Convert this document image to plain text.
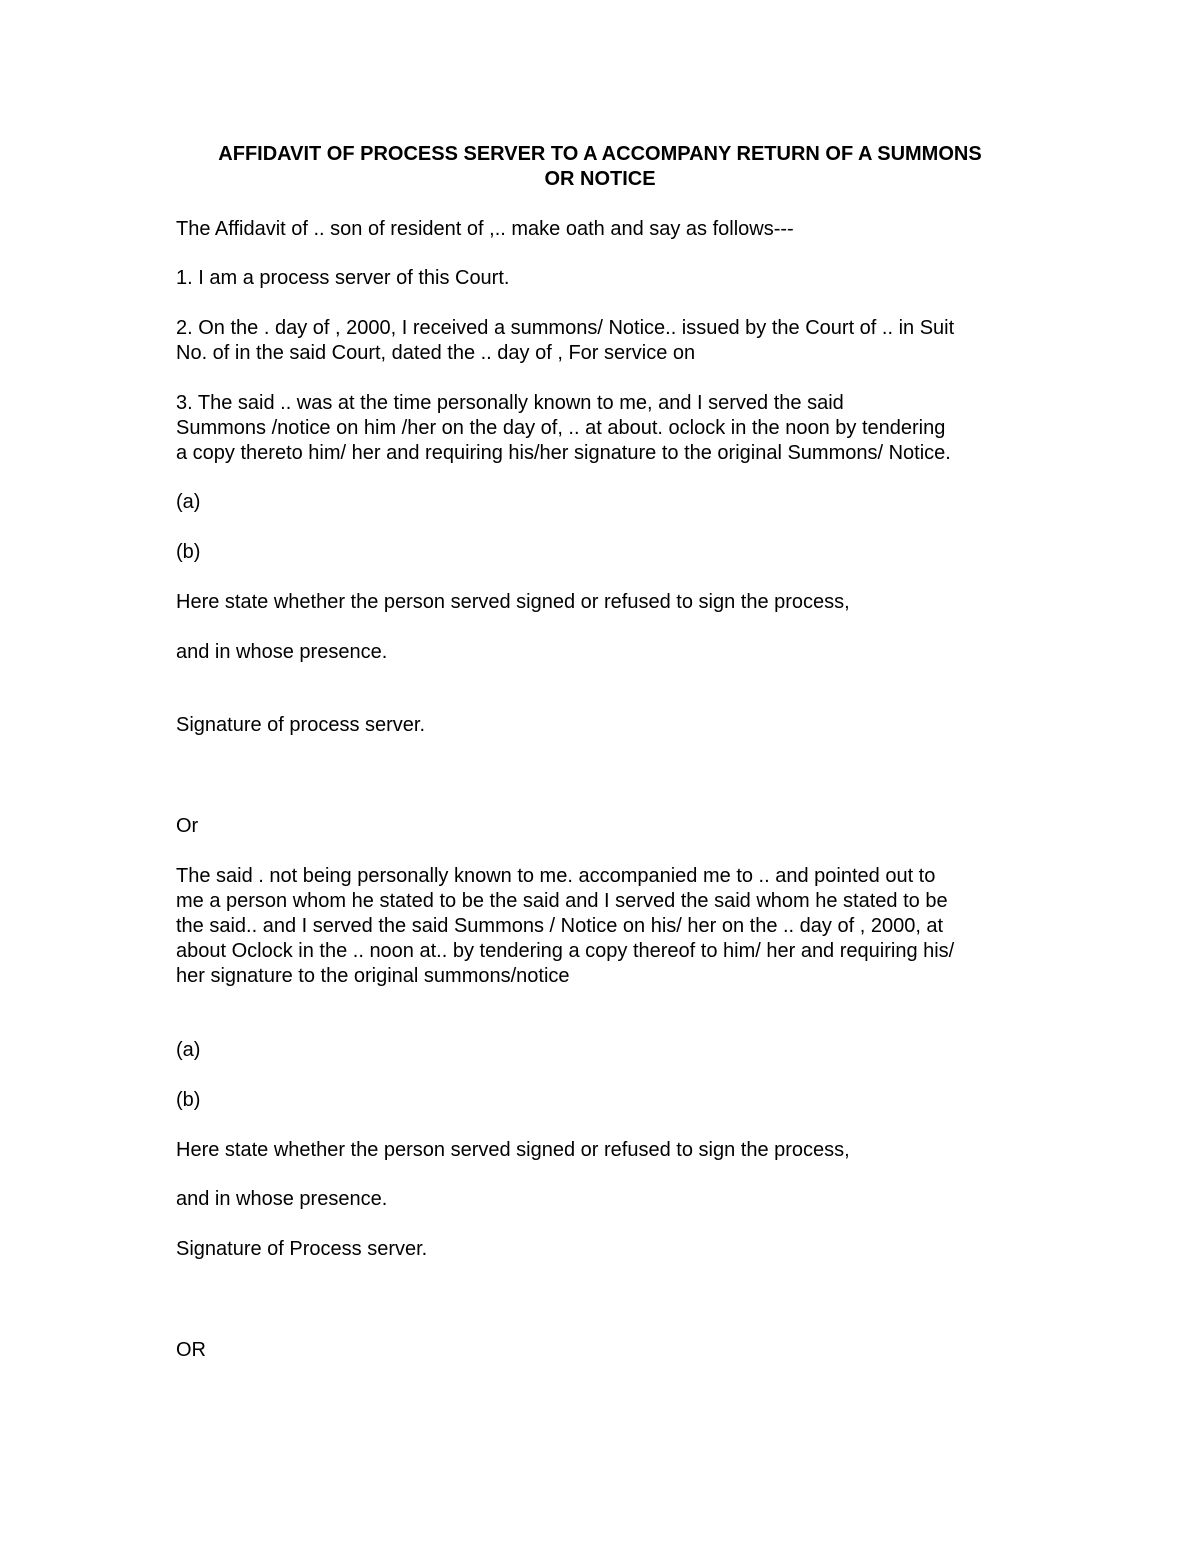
AFFIDAVIT OF PROCESS SERVER TO A ACCOMPANY RETURN OF A SUMMONS

OR NOTICE

The Affidavit of .. son of resident of ,.. make oath and say as follows---

1. I am a process server of this Court.

2. On the . day of , 2000, I received a summons/ Notice.. issued by the Court of .. in Suit
No. of in the said Court, dated the .. day of , For service on

3. The said .. was at the time personally known to me, and I served the said
Summons /notice on him /her on the day of, .. at about. oclock in the noon by tendering
a copy thereto him/ her and requiring his/her signature to the original Summons/ Notice.

(a)

(b)

Here state whether the person served signed or refused to sign the process,

and in whose presence.

Signature of process server.

Or

The said . not being personally known to me. accompanied me to .. and pointed out to
me a person whom he stated to be the said and I served the said whom he stated to be
the said.. and I served the said Summons / Notice on his/ her on the .. day of , 2000, at
about Oclock in the .. noon at.. by tendering a copy thereof to him/ her and requiring his/
her signature to the original summons/notice

(a)

(b)

Here state whether the person served signed or refused to sign the process,

and in whose presence.

Signature of Process server.

OR
